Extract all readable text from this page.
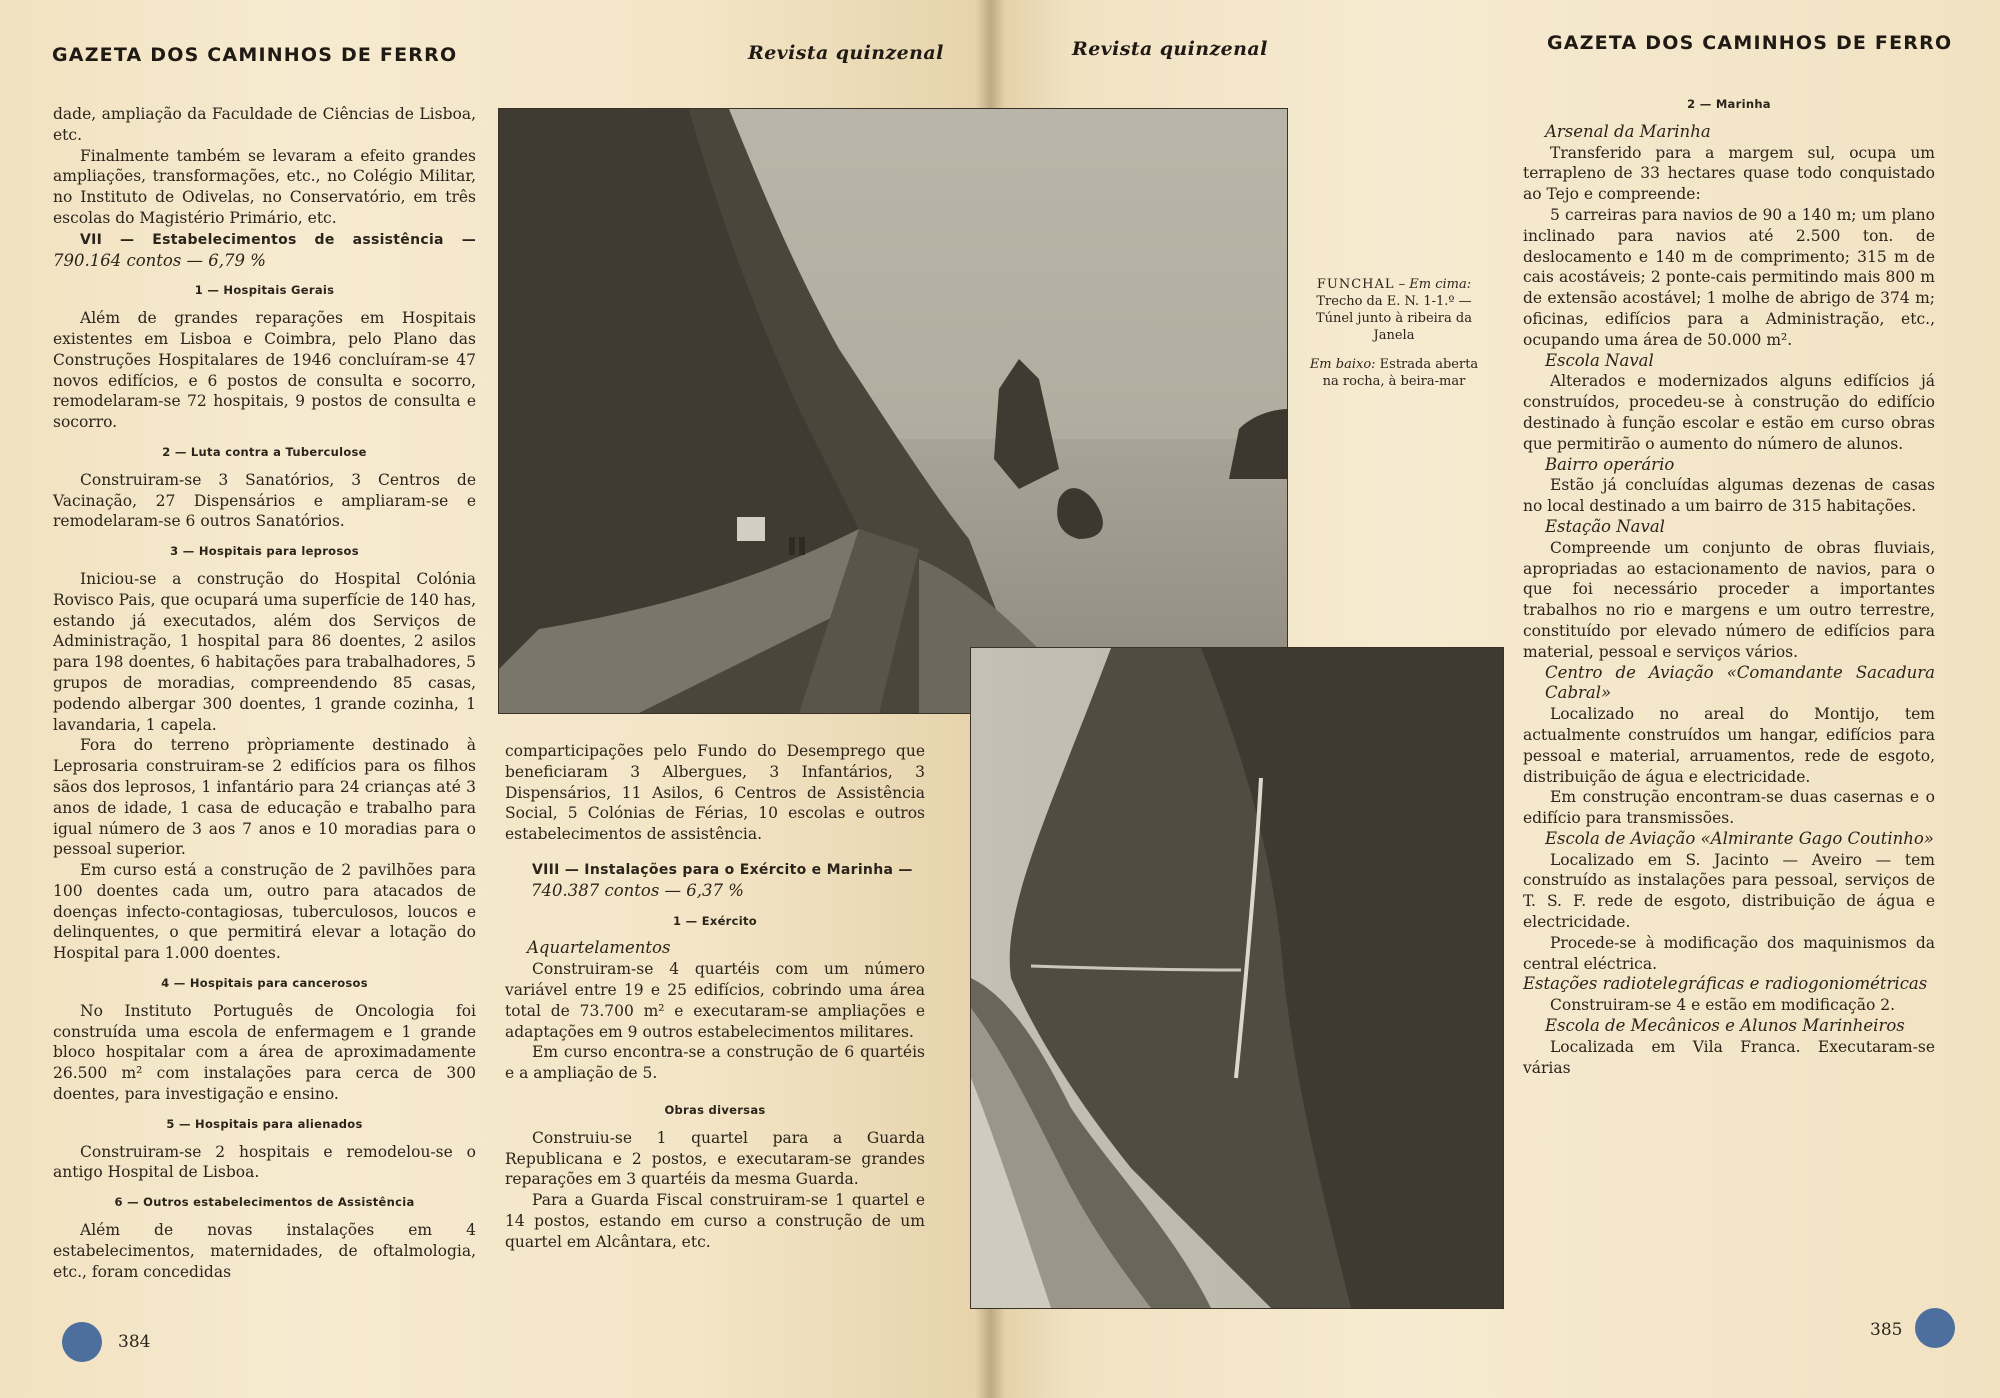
GAZETA DOS CAMINHOS DE FERRO	Revista quinzenal

dade, ampliação da Faculdade de Ciências de Lisboa, etc.

Finalmente também se levaram a efeito grandes ampliações, transformações, etc., no Colégio Militar, no Instituto de Odivelas, no Conservatório, em três escolas do Magistério Primário, etc.

VII — Estabelecimentos de assistência — 790.164 contos — 6,79 %

1 — Hospitais Gerais

Além de grandes reparações em Hospitais existentes em Lisboa e Coimbra, pelo Plano das Construções Hospitalares de 1946 concluíram-se 47 novos edifícios, e 6 postos de consulta e socorro, remodelaram-se 72 hospitais, 9 postos de consulta e socorro.

2 — Luta contra a Tuberculose

Construiram-se 3 Sanatórios, 3 Centros de Vacinação, 27 Dispensários e ampliaram-se e remodelaram-se 6 outros Sanatórios.

3 — Hospitais para leprosos

Iniciou-se a construção do Hospital Colónia Rovisco Pais, que ocupará uma superfície de 140 has, estando já executados, além dos Serviços de Administração, 1 hospital para 86 doentes, 2 asilos para 198 doentes, 6 habitações para trabalhadores, 5 grupos de moradias, compreendendo 85 casas, podendo albergar 300 doentes, 1 grande cozinha, 1 lavandaria, 1 capela.

Fora do terreno pròpriamente destinado à Leprosaria construiram-se 2 edifícios para os filhos sãos dos leprosos, 1 infantário para 24 crianças até 3 anos de idade, 1 casa de educação e trabalho para igual número de 3 aos 7 anos e 10 moradias para o pessoal superior.

Em curso está a construção de 2 pavilhões para 100 doentes cada um, outro para atacados de doenças infecto-contagiosas, tuberculosos, loucos e delinquentes, o que permitirá elevar a lotação do Hospital para 1.000 doentes.

4 — Hospitais para cancerosos

No Instituto Português de Oncologia foi construída uma escola de enfermagem e 1 grande bloco hospitalar com a área de aproximadamente 26.500 m² com instalações para cerca de 300 doentes, para investigação e ensino.

5 — Hospitais para alienados

Construiram-se 2 hospitais e remodelou-se o antigo Hospital de Lisboa.

6 — Outros estabelecimentos de Assistência

Além de novas instalações em 4 estabelecimentos, maternidades, de oftalmologia, etc., foram concedidas

comparticipações pelo Fundo do Desemprego que beneficiaram 3 Albergues, 3 Infantários, 3 Dispensários, 11 Asilos, 6 Centros de Assistência Social, 5 Colónias de Férias, 10 escolas e outros estabelecimentos de assistência.

VIII — Instalações para o Exército e Marinha —
740.387 contos — 6,37 %

1 — Exército

Aquartelamentos

Construiram-se 4 quartéis com um número variável entre 19 e 25 edifícios, cobrindo uma área total de 73.700 m² e executaram-se ampliações e adaptações em 9 outros estabelecimentos militares.

Em curso encontra-se a construção de 6 quartéis e a ampliação de 5.

Obras diversas

Construiu-se 1 quartel para a Guarda Republicana e 2 postos, e executaram-se grandes reparações em 3 quartéis da mesma Guarda.

Para a Guarda Fiscal construiram-se 1 quartel e 14 postos, estando em curso a construção de um quartel em Alcântara, etc.

384
Revista quinzenal	GAZETA DOS CAMINHOS DE FERRO
FUNCHAL – Em cima: Trecho da E. N. 1-1.º — Túnel junto à ribeira da Janela
Em baixo: Estrada aberta na rocha, à beira-mar
2 — Marinha

Arsenal da Marinha

Transferido para a margem sul, ocupa um terrapleno de 33 hectares quase todo conquistado ao Tejo e compreende:

5 carreiras para navios de 90 a 140 m; um plano inclinado para navios até 2.500 ton. de deslocamento e 140 m de comprimento; 315 m de cais acostáveis; 2 ponte-cais permitindo mais 800 m de extensão acostável; 1 molhe de abrigo de 374 m; oficinas, edifícios para a Administração, etc., ocupando uma área de 50.000 m².

Escola Naval

Alterados e modernizados alguns edifícios já construídos, procedeu-se à construção do edifício destinado à função escolar e estão em curso obras que permitirão o aumento do número de alunos.

Bairro operário

Estão já concluídas algumas dezenas de casas no local destinado a um bairro de 315 habitações.

Estação Naval

Compreende um conjunto de obras fluviais, apropriadas ao estacionamento de navios, para o que foi necessário proceder a importantes trabalhos no rio e margens e um outro terrestre, constituído por elevado número de edifícios para material, pessoal e serviços vários.

Centro de Aviação «Comandante Sacadura Cabral»

Localizado no areal do Montijo, tem actualmente construídos um hangar, edifícios para pessoal e material, arruamentos, rede de esgoto, distribuição de água e electricidade.

Em construção encontram-se duas casernas e o edifício para transmissões.

Escola de Aviação «Almirante Gago Coutinho»

Localizado em S. Jacinto — Aveiro — tem construído as instalações para pessoal, serviços de T. S. F. rede de esgoto, distribuição de água e electricidade.

Procede-se à modificação dos maquinismos da central eléctrica.

Estações radiotelegráficas e radiogoniométricas

Construiram-se 4 e estão em modificação 2.

Escola de Mecânicos e Alunos Marinheiros

Localizada em Vila Franca. Executaram-se várias

385
